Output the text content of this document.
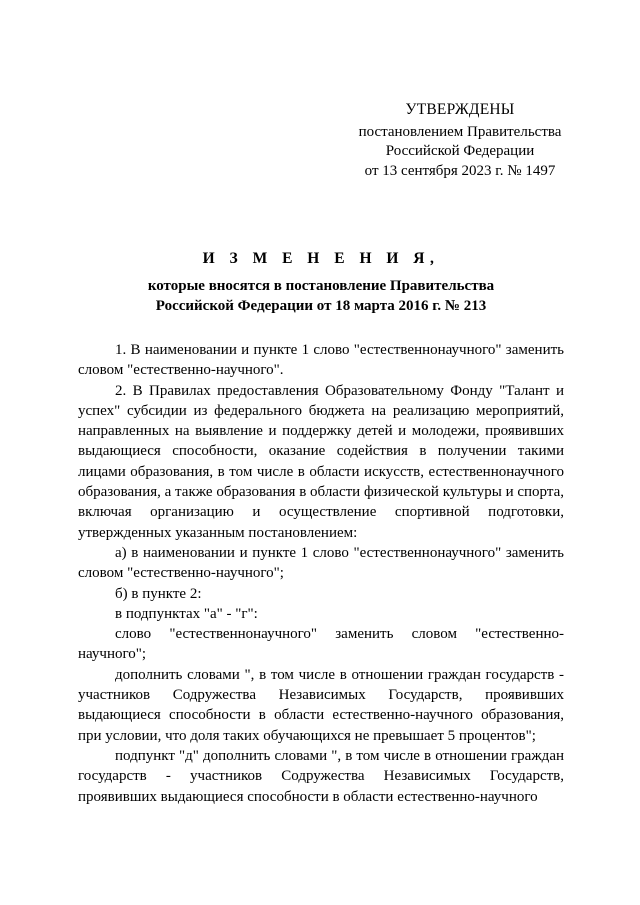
УТВЕРЖДЕНЫ
постановлением Правительства
Российской Федерации
от 13 сентября 2023 г. № 1497
И З М Е Н Е Н И Я,
которые вносятся в постановление Правительства
Российской Федерации от 18 марта 2016 г. № 213

1. В наименовании и пункте 1 слово "естественнонаучного" заменить словом "естественно-научного".

2. В Правилах предоставления Образовательному Фонду "Талант и успех" субсидии из федерального бюджета на реализацию мероприятий, направленных на выявление и поддержку детей и молодежи, проявивших выдающиеся способности, оказание содействия в получении такими лицами образования, в том числе в области искусств, естественнонаучного образования, а также образования в области физической культуры и спорта, включая организацию и осуществление спортивной подготовки, утвержденных указанным постановлением:

а) в наименовании и пункте 1 слово "естественнонаучного" заменить словом "естественно-научного";

б) в пункте 2:

в подпунктах "а" - "г":

слово "естественнонаучного" заменить словом "естественно-научного";

дополнить словами ", в том числе в отношении граждан государств - участников Содружества Независимых Государств, проявивших выдающиеся способности в области естественно-научного образования, при условии, что доля таких обучающихся не превышает 5 процентов";

подпункт "д" дополнить словами ", в том числе в отношении граждан государств - участников Содружества Независимых Государств, проявивших выдающиеся способности в области естественно-научного
